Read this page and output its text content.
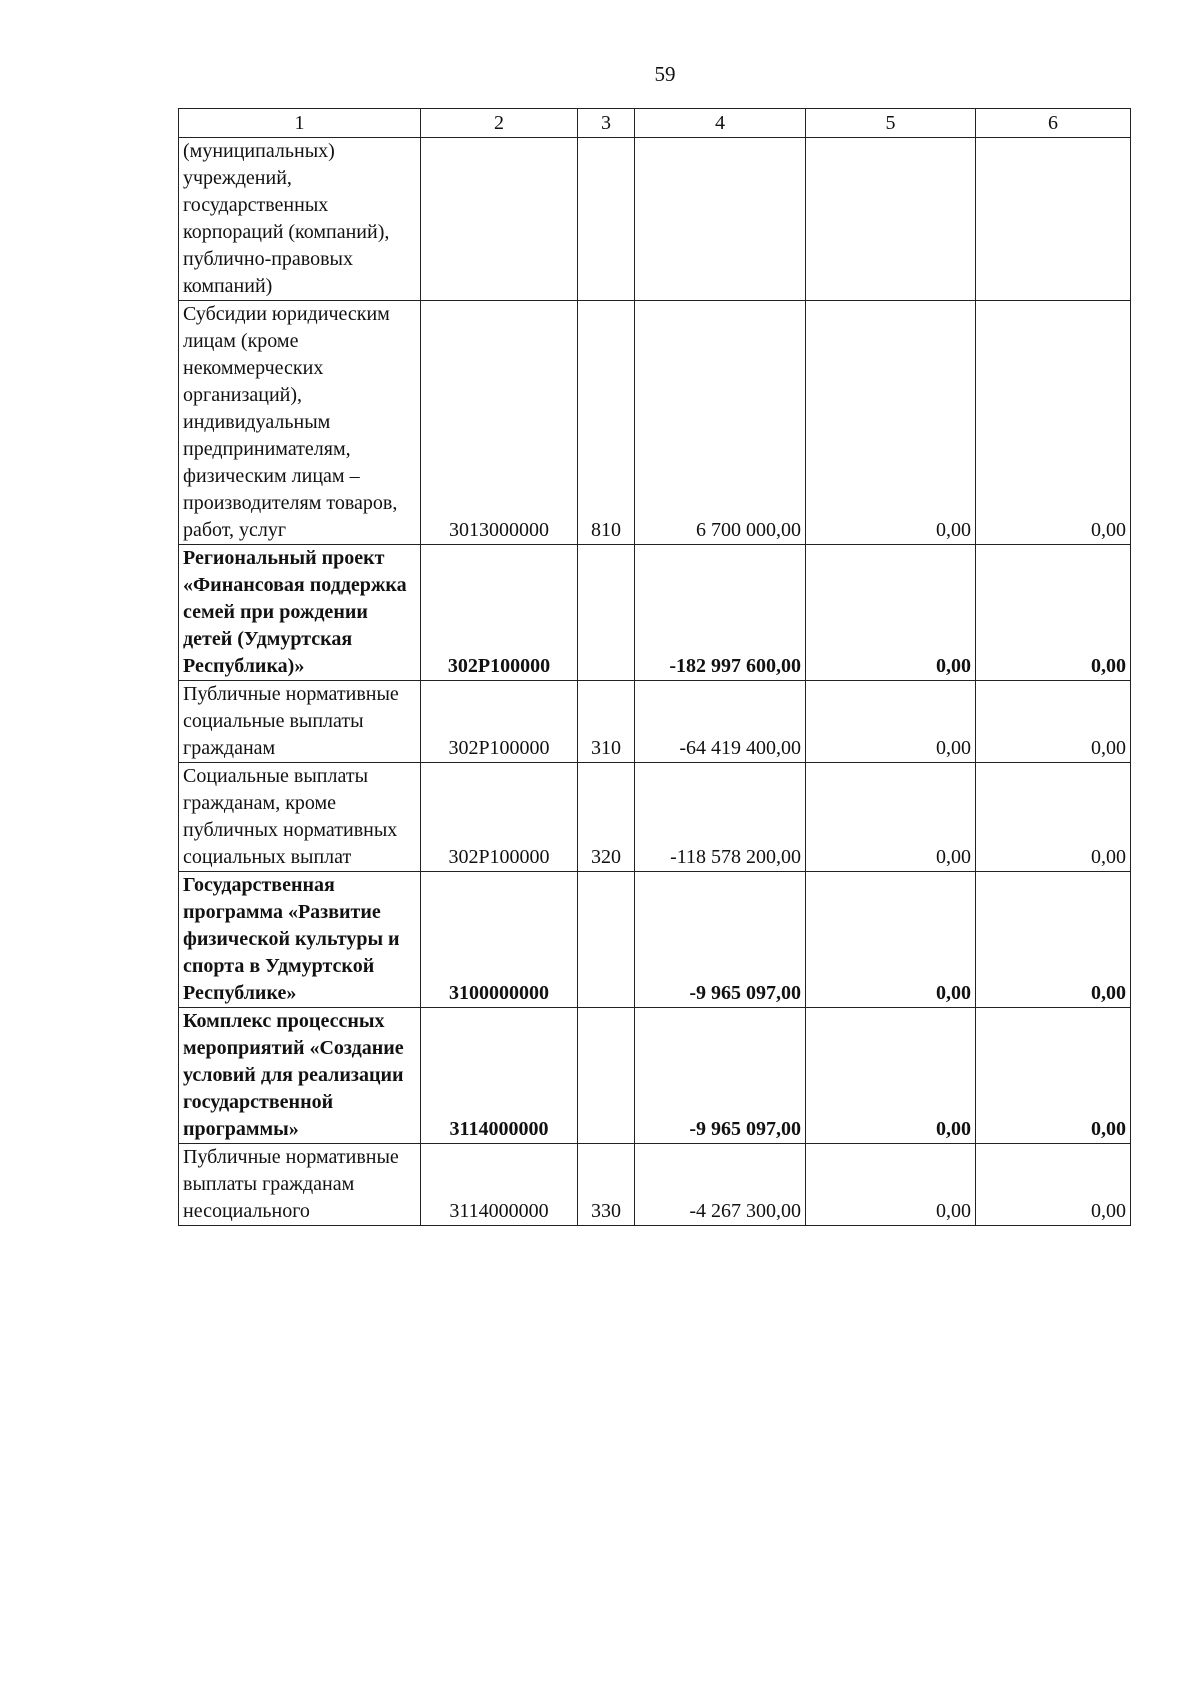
59
1	2	3	4	5	6
(муниципальных) учреждений, государственных корпораций (компаний), публично-правовых компаний)					
Субсидии юридическим лицам (кроме некоммерческих организаций), индивидуальным предпринимателям, физическим лицам – производителям товаров, работ, услуг	3013000000	810	6 700 000,00	0,00	0,00
Региональный проект «Финансовая поддержка семей при рождении детей (Удмуртская Республика)»	302P100000		-182 997 600,00	0,00	0,00
Публичные нормативные социальные выплаты гражданам	302P100000	310	-64 419 400,00	0,00	0,00
Социальные выплаты гражданам, кроме публичных нормативных социальных выплат	302P100000	320	-118 578 200,00	0,00	0,00
Государственная программа «Развитие физической культуры и спорта в Удмуртской Республике»	3100000000		-9 965 097,00	0,00	0,00
Комплекс процессных мероприятий «Создание условий для реализации государственной программы»	3114000000		-9 965 097,00	0,00	0,00
Публичные нормативные выплаты гражданам несоциального	3114000000	330	-4 267 300,00	0,00	0,00
